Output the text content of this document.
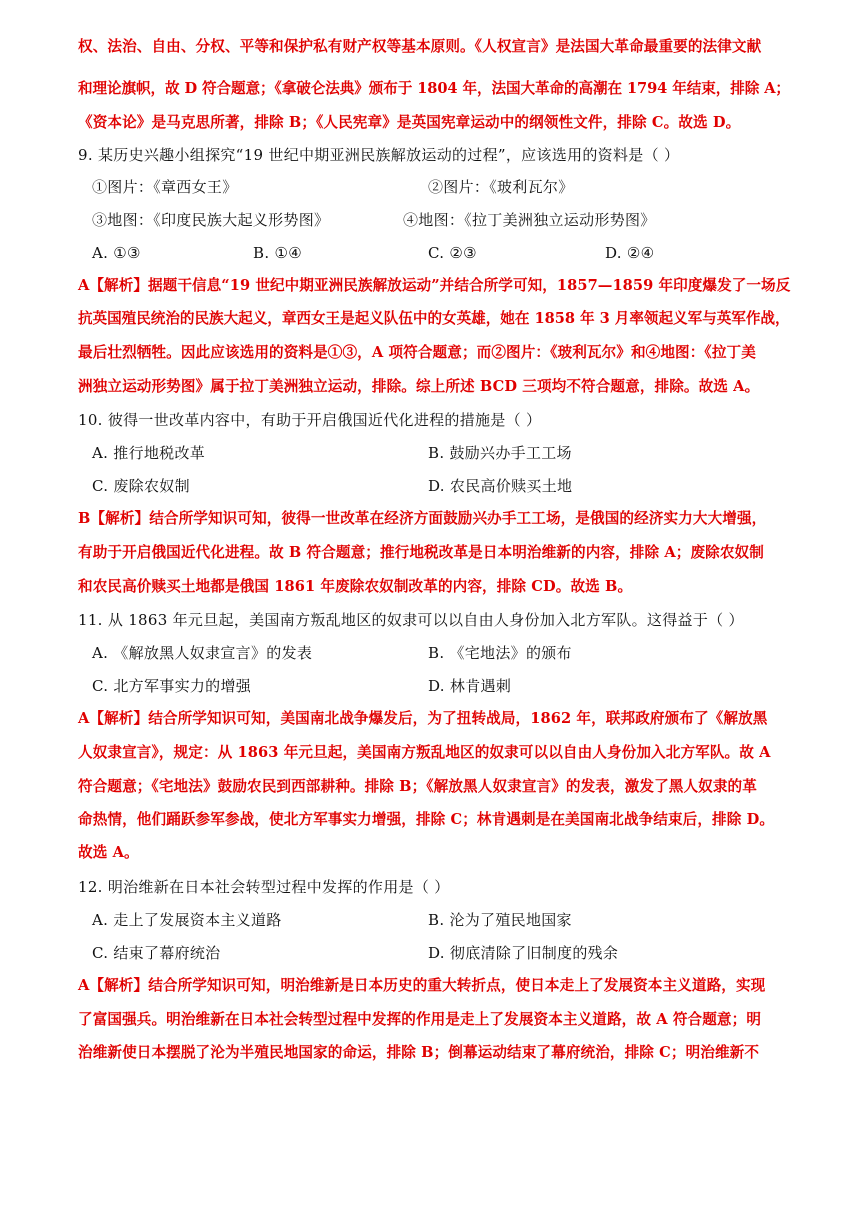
权、法治、自由、分权、平等和保护私有财产权等基本原则。《人权宣言》是法国大革命最重要的法律文献
和理论旗帜，故 D 符合题意；《拿破仑法典》颁布于 1804 年，法国大革命的高潮在 1794 年结束，排除 A；
《资本论》是马克思所著，排除 B；《人民宪章》是英国宪章运动中的纲领性文件，排除 C。故选 D。
9. 某历史兴趣小组探究“19 世纪中期亚洲民族解放运动的过程”，应该选用的资料是（ ）
①图片：《章西女王》	②图片：《玻利瓦尔》
③地图：《印度民族大起义形势图》	④地图：《拉丁美洲独立运动形势图》
A. ①③	B. ①④	C. ②③	D. ②④
A【解析】据题干信息“19 世纪中期亚洲民族解放运动”并结合所学可知，1857—1859 年印度爆发了一场反
抗英国殖民统治的民族大起义，章西女王是起义队伍中的女英雄，她在 1858 年 3 月率领起义军与英军作战，
最后壮烈牺牲。因此应该选用的资料是①③，A 项符合题意；而②图片：《玻利瓦尔》和④地图：《拉丁美
洲独立运动形势图》属于拉丁美洲独立运动，排除。综上所述 BCD 三项均不符合题意，排除。故选 A。
10. 彼得一世改革内容中，有助于开启俄国近代化进程的措施是（ ）
A. 推行地税改革	B. 鼓励兴办手工工场
C. 废除农奴制	D. 农民高价赎买土地
B【解析】结合所学知识可知，彼得一世改革在经济方面鼓励兴办手工工场，是俄国的经济实力大大增强，
有助于开启俄国近代化进程。故 B 符合题意；推行地税改革是日本明治维新的内容，排除 A；废除农奴制
和农民高价赎买土地都是俄国 1861 年废除农奴制改革的内容，排除 CD。故选 B。
11. 从 1863 年元旦起，美国南方叛乱地区的奴隶可以以自由人身份加入北方军队。这得益于（ ）
A. 《解放黑人奴隶宣言》的发表	B. 《宅地法》的颁布
C. 北方军事实力的增强	D. 林肯遇刺
A【解析】结合所学知识可知，美国南北战争爆发后，为了扭转战局，1862 年，联邦政府颁布了《解放黑
人奴隶宣言》，规定：从 1863 年元旦起，美国南方叛乱地区的奴隶可以以自由人身份加入北方军队。故 A
符合题意；《宅地法》鼓励农民到西部耕种。排除 B；《解放黑人奴隶宣言》的发表，激发了黑人奴隶的革
命热情，他们踊跃参军参战，使北方军事实力增强，排除 C；林肯遇刺是在美国南北战争结束后，排除 D。
故选 A。
12. 明治维新在日本社会转型过程中发挥的作用是（ ）
A. 走上了发展资本主义道路	B. 沦为了殖民地国家
C. 结束了幕府统治	D. 彻底清除了旧制度的残余
A【解析】结合所学知识可知，明治维新是日本历史的重大转折点，使日本走上了发展资本主义道路，实现
了富国强兵。明治维新在日本社会转型过程中发挥的作用是走上了发展资本主义道路，故 A 符合题意；明
治维新使日本摆脱了沦为半殖民地国家的命运，排除 B；倒幕运动结束了幕府统治，排除 C；明治维新不
